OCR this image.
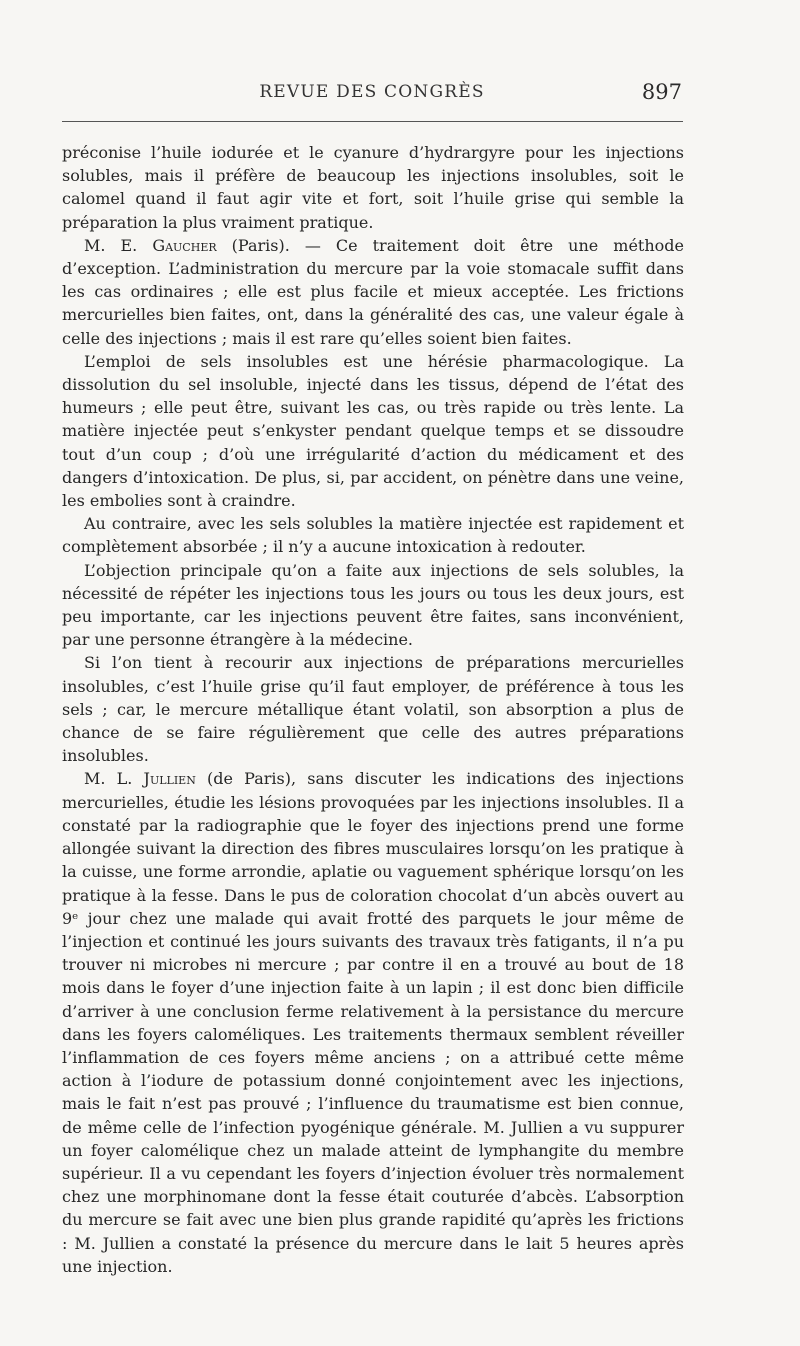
REVUE DES CONGRÈS	897

préconise l’huile iodurée et le cyanure d’hydrargyre pour les injections solubles, mais il préfère de beaucoup les injections insolubles, soit le calomel quand il faut agir vite et fort, soit l’huile grise qui semble la préparation la plus vraiment pratique.

M. E. Gaucher (Paris). — Ce traitement doit être une méthode d’exception. L’administration du mercure par la voie stomacale suffit dans les cas ordinaires ; elle est plus facile et mieux acceptée. Les frictions mercurielles bien faites, ont, dans la généralité des cas, une valeur égale à celle des injections ; mais il est rare qu’elles soient bien faites.

L’emploi de sels insolubles est une hérésie pharmacologique. La dissolution du sel insoluble, injecté dans les tissus, dépend de l’état des humeurs ; elle peut être, suivant les cas, ou très rapide ou très lente. La matière injectée peut s’enkyster pendant quelque temps et se dissoudre tout d’un coup ; d’où une irrégularité d’action du médicament et des dangers d’intoxication. De plus, si, par accident, on pénètre dans une veine, les embolies sont à craindre.

Au contraire, avec les sels solubles la matière injectée est rapidement et complètement absorbée ; il n’y a aucune intoxication à redouter.

L’objection principale qu’on a faite aux injections de sels solubles, la nécessité de répéter les injections tous les jours ou tous les deux jours, est peu importante, car les injections peuvent être faites, sans inconvénient, par une personne étrangère à la médecine.

Si l’on tient à recourir aux injections de préparations mercurielles insolubles, c’est l’huile grise qu’il faut employer, de préférence à tous les sels ; car, le mercure métallique étant volatil, son absorption a plus de chance de se faire régulièrement que celle des autres préparations insolubles.

M. L. Jullien (de Paris), sans discuter les indications des injections mercurielles, étudie les lésions provoquées par les injections insolubles. Il a constaté par la radiographie que le foyer des injections prend une forme allongée suivant la direction des fibres musculaires lorsqu’on les pratique à la cuisse, une forme arrondie, aplatie ou vaguement sphérique lorsqu’on les pratique à la fesse. Dans le pus de coloration chocolat d’un abcès ouvert au 9ᵉ jour chez une malade qui avait frotté des parquets le jour même de l’injection et continué les jours suivants des travaux très fatigants, il n’a pu trouver ni microbes ni mercure ; par contre il en a trouvé au bout de 18 mois dans le foyer d’une injection faite à un lapin ; il est donc bien difficile d’arriver à une conclusion ferme relativement à la persistance du mercure dans les foyers caloméliques. Les traitements thermaux semblent réveiller l’inflammation de ces foyers même anciens ; on a attribué cette même action à l’iodure de potassium donné conjointement avec les injections, mais le fait n’est pas prouvé ; l’influence du traumatisme est bien connue, de même celle de l’infection pyogénique générale. M. Jullien a vu suppurer un foyer calomélique chez un malade atteint de lymphangite du membre supérieur. Il a vu cependant les foyers d’injection évoluer très normalement chez une morphinomane dont la fesse était couturée d’abcès. L’absorption du mercure se fait avec une bien plus grande rapidité qu’après les frictions : M. Jullien a constaté la présence du mercure dans le lait 5 heures après une injection.
